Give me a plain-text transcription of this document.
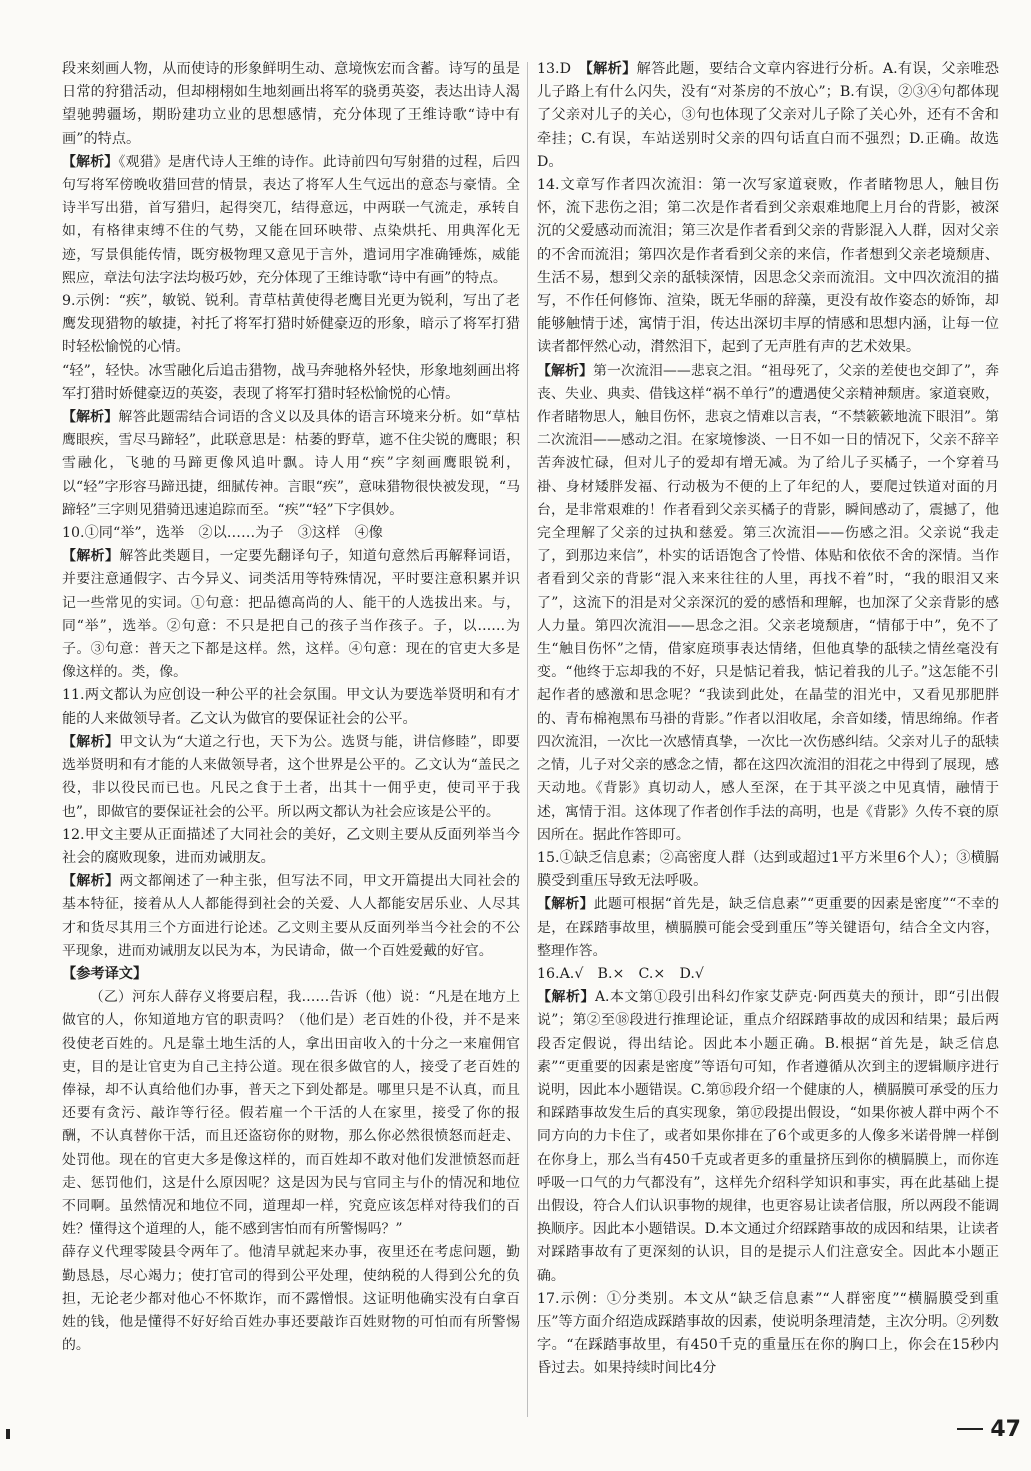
段来刻画人物，从而使诗的形象鲜明生动、意境恢宏而含蓄。诗写的虽是日常的狩猎活动，但却栩栩如生地刻画出将军的骁勇英姿，表达出诗人渴望驰骋疆场，期盼建功立业的思想感情，充分体现了王维诗歌“诗中有画”的特点。
【解析】《观猎》是唐代诗人王维的诗作。此诗前四句写射猎的过程，后四句写将军傍晚收猎回营的情景，表达了将军人生气远出的意态与豪情。全诗半写出猎，首写猎归，起得突兀，结得意远，中两联一气流走，承转自如，有格律束缚不住的气势，又能在回环映带、点染烘托、用典浑化无迹，写景俱能传情，既穷极物理又意见于言外，遣词用字准确锤炼，威能熙应，章法句法字法均极巧妙，充分体现了王维诗歌“诗中有画”的特点。
9.示例：“疾”，敏锐、锐利。青草枯黄使得老鹰目光更为锐利，写出了老鹰发现猎物的敏捷，衬托了将军打猎时娇健豪迈的形象，暗示了将军打猎时轻松愉悦的心情。
“轻”，轻快。冰雪融化后追击猎物，战马奔驰格外轻快，形象地刻画出将军打猎时娇健豪迈的英姿，表现了将军打猎时轻松愉悦的心情。
【解析】解答此题需结合词语的含义以及具体的语言环境来分析。如“草枯鹰眼疾，雪尽马蹄轻”，此联意思是：枯萎的野草，遮不住尖锐的鹰眼；积雪融化，飞驰的马蹄更像风追叶飘。诗人用“疾”字刻画鹰眼锐利，以“轻”字形容马蹄迅捷，细腻传神。言眼“疾”，意味猎物很快被发现，“马蹄轻”三字则见猎骑迅速追踪而至。“疾”“轻”下字俱妙。
10.①同“举”，选举　②以……为子　③这样　④像
【解析】解答此类题目，一定要先翻译句子，知道句意然后再解释词语，并要注意通假字、古今异义、词类活用等特殊情况，平时要注意积累并识记一些常见的实词。①句意：把品德高尚的人、能干的人选拔出来。与，同“举”，选举。②句意：不只是把自己的孩子当作孩子。子，以……为子。③句意：普天之下都是这样。然，这样。④句意：现在的官吏大多是像这样的。类，像。
11.两文都认为应创设一种公平的社会氛围。甲文认为要选举贤明和有才能的人来做领导者。乙文认为做官的要保证社会的公平。
【解析】甲文认为“大道之行也，天下为公。选贤与能，讲信修睦”，即要选举贤明和有才能的人来做领导者，这个世界是公平的。乙文认为“盖民之役，非以役民而已也。凡民之食于土者，出其十一佣乎吏，使司平于我也”，即做官的要保证社会的公平。所以两文都认为社会应该是公平的。
12.甲文主要从正面描述了大同社会的美好，乙文则主要从反面列举当今社会的腐败现象，进而劝诫朋友。
【解析】两文都阐述了一种主张，但写法不同，甲文开篇提出大同社会的基本特征，接着从人人都能得到社会的关爱、人人都能安居乐业、人尽其才和货尽其用三个方面进行论述。乙文则主要从反面列举当今社会的不公平现象，进而劝诫朋友以民为本，为民请命，做一个百姓爱戴的好官。
【参考译文】
（乙）河东人薛存义将要启程，我……告诉（他）说：“凡是在地方上做官的人，你知道地方官的职责吗？（他们是）老百姓的仆役，并不是来役使老百姓的。凡是靠土地生活的人，拿出田亩收入的十分之一来雇佣官吏，目的是让官吏为自己主持公道。现在很多做官的人，接受了老百姓的俸禄，却不认真给他们办事，普天之下到处都是。哪里只是不认真，而且还要有贪污、敲诈等行径。假若雇一个干活的人在家里，接受了你的报酬，不认真替你干活，而且还盗窃你的财物，那么你必然很愤怒而赶走、处罚他。现在的官吏大多是像这样的，而百姓却不敢对他们发泄愤怒而赶走、惩罚他们，这是什么原因呢？这是因为民与官同主与仆的情况和地位不同啊。虽然情况和地位不同，道理却一样，究竟应该怎样对待我们的百姓？懂得这个道理的人，能不感到害怕而有所警惕吗？”
薛存义代理零陵县令两年了。他清早就起来办事，夜里还在考虑问题，勤勤恳恳，尽心竭力；使打官司的得到公平处理，使纳税的人得到公允的负担，无论老少都对他心不怀欺诈，而不露憎恨。这证明他确实没有白拿百姓的钱，他是懂得不好好给百姓办事还要敲诈百姓财物的可怕而有所警惕的。
13.D　【解析】解答此题，要结合文章内容进行分析。A.有误，父亲唯恐儿子路上有什么闪失，没有“对茶房的不放心”；B.有误，②③④句都体现了父亲对儿子的关心，③句也体现了父亲对儿子除了关心外，还有不舍和牵挂；C.有误，车站送别时父亲的四句话直白而不强烈；D.正确。故选D。
14.文章写作者四次流泪：第一次写家道衰败，作者睹物思人，触目伤怀，流下悲伤之泪；第二次是作者看到父亲艰难地爬上月台的背影，被深沉的父爱感动而流泪；第三次是作者看到父亲的背影混入人群，因对父亲的不舍而流泪；第四次是作者看到父亲的来信，作者想到父亲老境颓唐、生活不易，想到父亲的舐犊深情，因思念父亲而流泪。文中四次流泪的描写，不作任何修饰、渲染，既无华丽的辞藻，更没有故作姿态的娇饰，却能够触情于述，寓情于泪，传达出深切丰厚的情感和思想内涵，让每一位读者都怦然心动，潸然泪下，起到了无声胜有声的艺术效果。
【解析】第一次流泪——悲哀之泪。“祖母死了，父亲的差使也交卸了”，奔丧、失业、典卖、借钱这样“祸不单行”的遭遇使父亲精神颓唐。家道衰败，作者睹物思人，触目伤怀，悲哀之情难以言表，“不禁簌簌地流下眼泪”。第二次流泪——感动之泪。在家境惨淡、一日不如一日的情况下，父亲不辞辛苦奔波忙碌，但对儿子的爱却有增无减。为了给儿子买橘子，一个穿着马褂、身材矮胖发福、行动极为不便的上了年纪的人，要爬过铁道对面的月台，是非常艰难的！作者看到父亲买橘子的背影，瞬间感动了，震撼了，他完全理解了父亲的过执和慈爱。第三次流泪——伤感之泪。父亲说“我走了，到那边来信”，朴实的话语饱含了怜惜、体贴和依依不舍的深情。当作者看到父亲的背影“混入来来往往的人里，再找不着”时，“我的眼泪又来了”，这流下的泪是对父亲深沉的爱的感悟和理解，也加深了父亲背影的感人力量。第四次流泪——思念之泪。父亲老境颓唐，“情郁于中”，免不了生“触目伤怀”之情，借家庭琐事表达情绪，但他真挚的舐犊之情丝毫没有变。“他终于忘却我的不好，只是惦记着我，惦记着我的儿子。”这怎能不引起作者的感激和思念呢？“我读到此处，在晶莹的泪光中，又看见那肥胖的、青布棉袍黑布马褂的背影。”作者以泪收尾，余音如缕，情思绵绵。作者四次流泪，一次比一次感情真挚，一次比一次伤感纠结。父亲对儿子的舐犊之情，儿子对父亲的感念之情，都在这四次流泪的泪花之中得到了展现，感天动地。《背影》真切动人，感人至深，在于其平淡之中见真情，融情于述，寓情于泪。这体现了作者创作手法的高明，也是《背影》久传不衰的原因所在。据此作答即可。
15.①缺乏信息素；②高密度人群（达到或超过1平方米里6个人）；③横膈膜受到重压导致无法呼吸。
【解析】此题可根据“首先是，缺乏信息素”“更重要的因素是密度”“不幸的是，在踩踏事故里，横膈膜可能会受到重压”等关键语句，结合全文内容，整理作答。
16.A.√　B.×　C.×　D.√
【解析】A.本文第①段引出科幻作家艾萨克·阿西莫夫的预计，即“引出假说”；第②至⑱段进行推理论证，重点介绍踩踏事故的成因和结果；最后两段否定假说，得出结论。因此本小题正确。B.根据“首先是，缺乏信息素”“更重要的因素是密度”等语句可知，作者遵循从次到主的逻辑顺序进行说明，因此本小题错误。C.第⑮段介绍一个健康的人，横膈膜可承受的压力和踩踏事故发生后的真实现象，第⑰段提出假设，“如果你被人群中两个不同方向的力卡住了，或者如果你排在了6个或更多的人像多米诺骨牌一样倒在你身上，那么当有450千克或者更多的重量挤压到你的横膈膜上，而你连呼吸一口气的力气都没有”，这样先介绍科学知识和事实，再在此基础上提出假设，符合人们认识事物的规律，也更容易让读者信服，所以两段不能调换顺序。因此本小题错误。D.本文通过介绍踩踏事故的成因和结果，让读者对踩踏事故有了更深刻的认识，目的是提示人们注意安全。因此本小题正确。
17.示例：①分类别。本文从“缺乏信息素”“人群密度”“横膈膜受到重压”等方面介绍造成踩踏事故的因素，使说明条理清楚，主次分明。②列数字。“在踩踏事故里，有450千克的重量压在你的胸口上，你会在15秒内昏过去。如果持续时间比4分
47
